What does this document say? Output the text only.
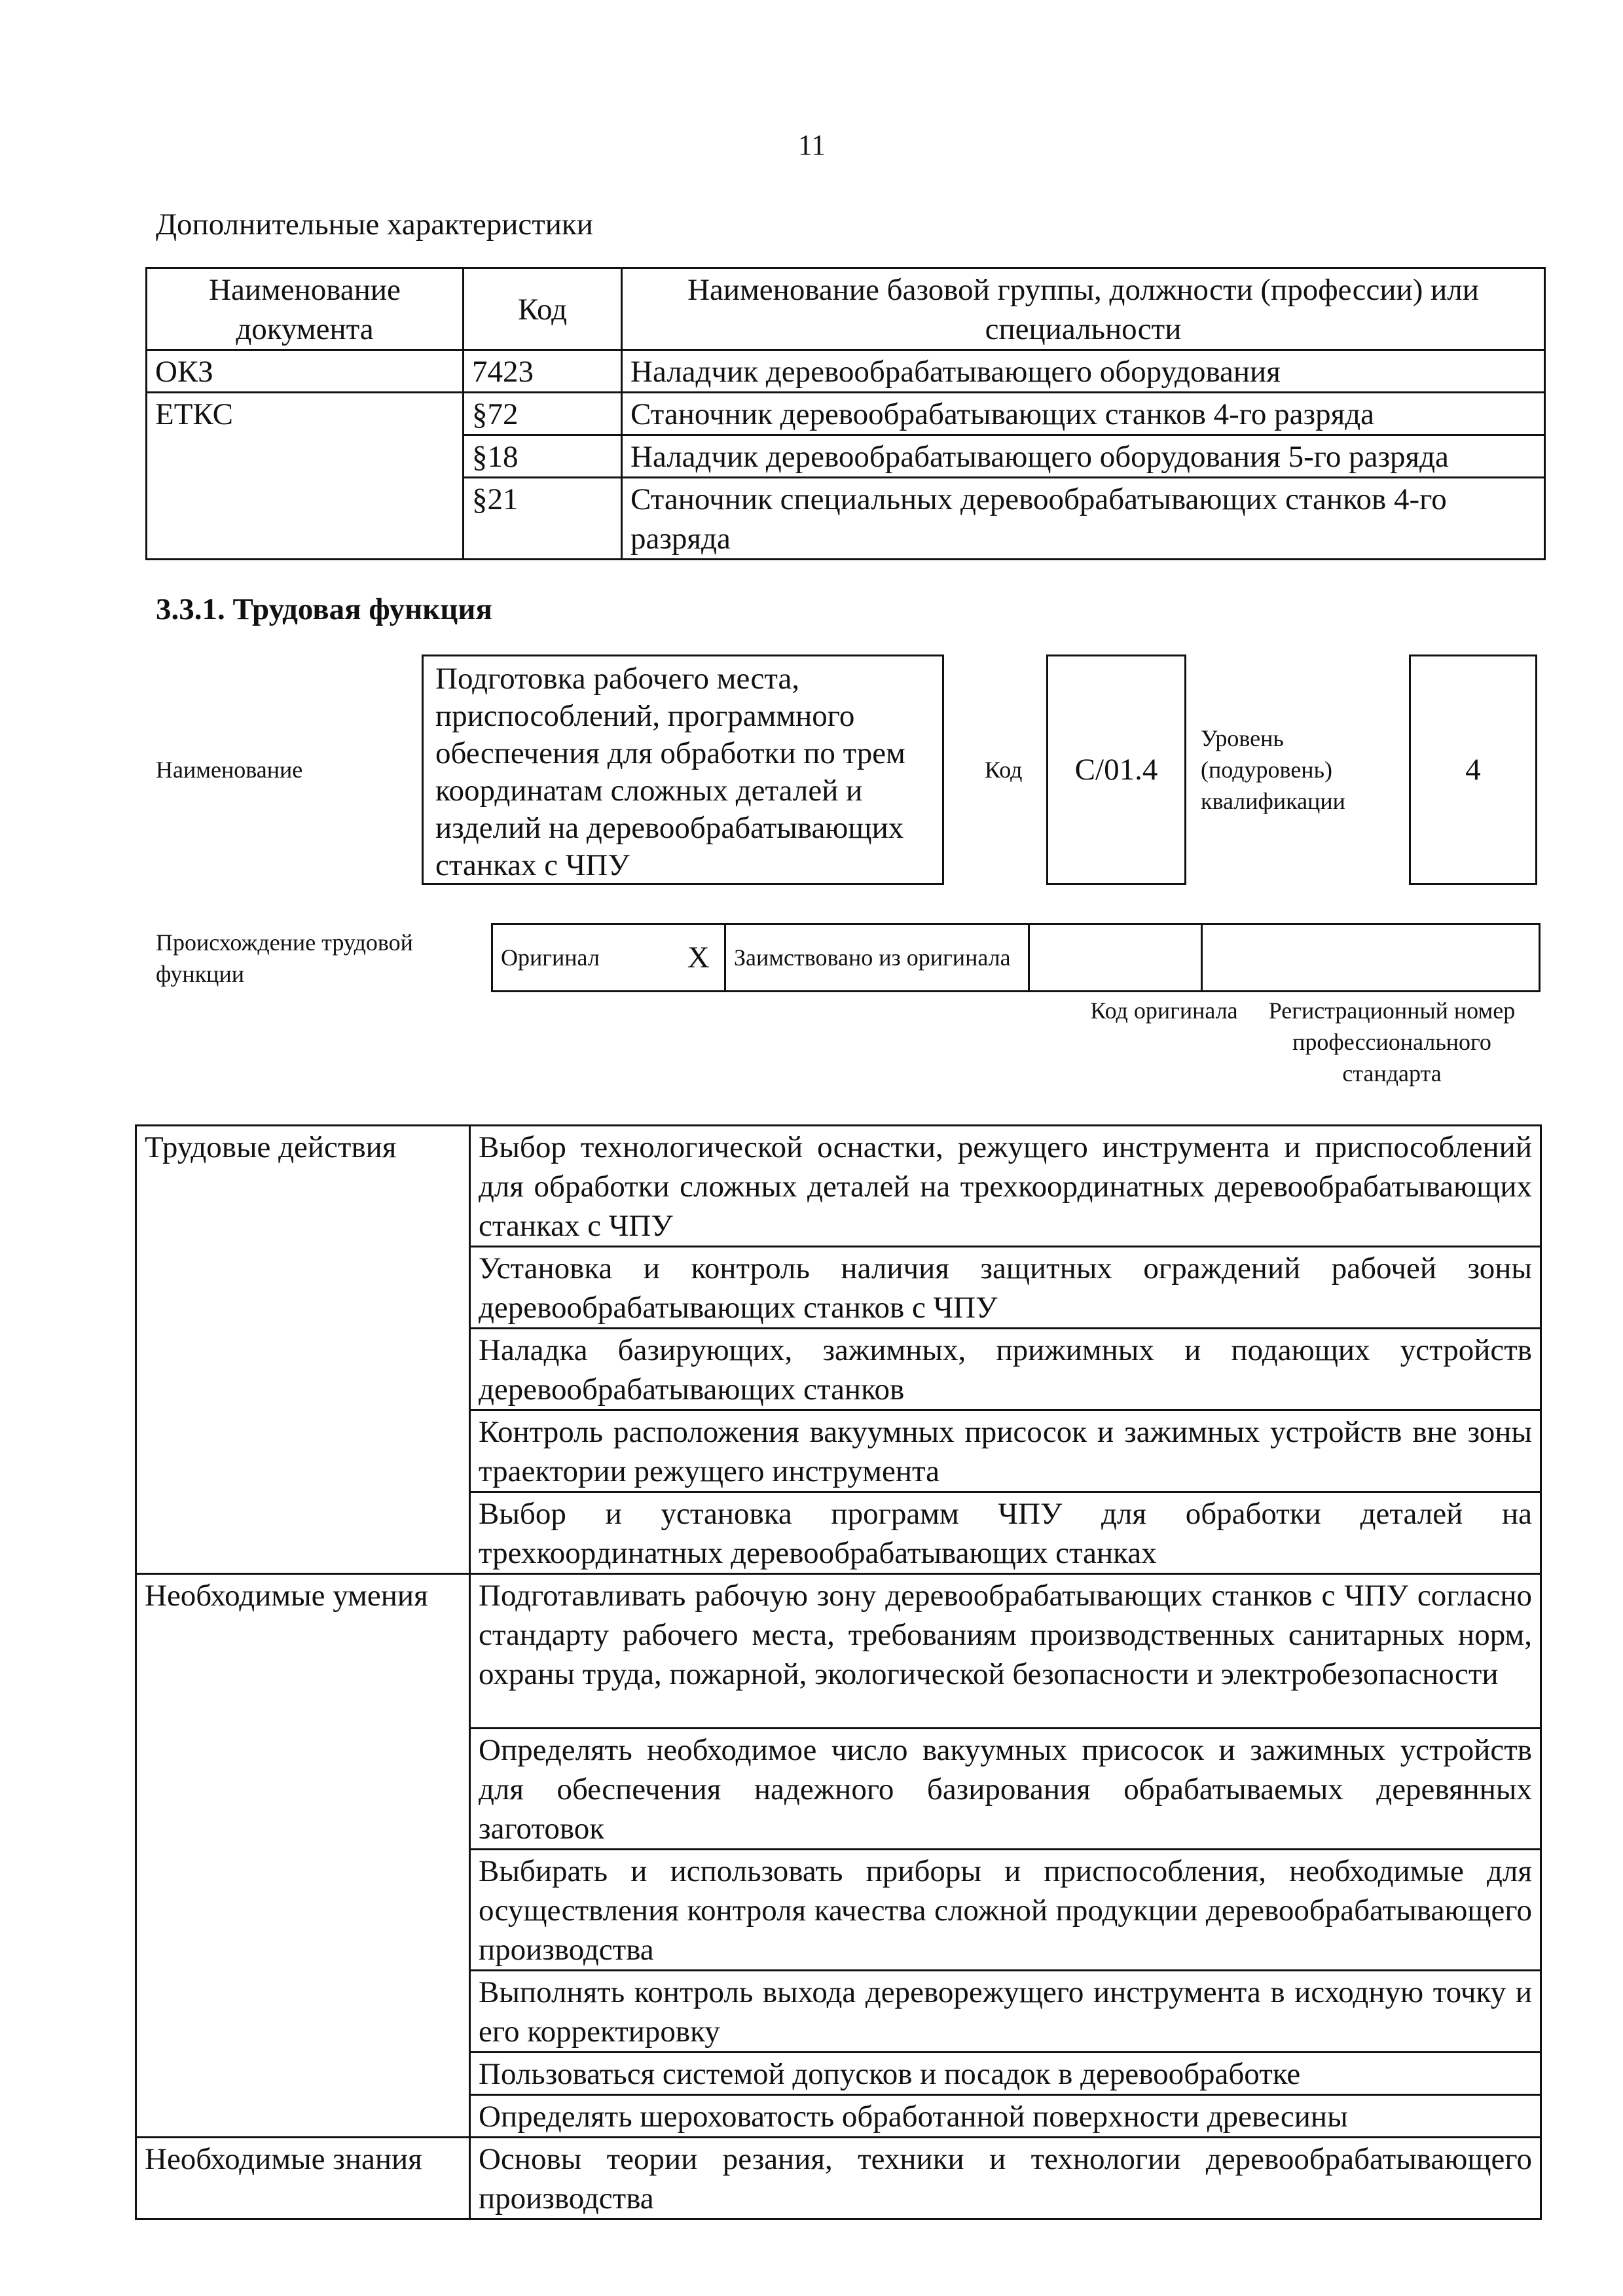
11
Дополнительные характеристики
Наименование документа	Код	Наименование базовой группы, должности (профессии) или специальности
ОКЗ	7423	Наладчик деревообрабатывающего оборудования
ЕТКС	§72	Станочник деревообрабатывающих станков 4-го разряда
	§18	Наладчик деревообрабатывающего оборудования 5-го разряда
	§21	Станочник специальных деревообрабатывающих станков 4-го разряда
3.3.1. Трудовая функция
Наименование
Подготовка рабочего места, приспособлений, программного обеспечения для обработки по трем координатам сложных деталей и изделий на деревообрабатывающих станках с ЧПУ
Код С/01.4
Уровень (подуровень) квалификации
4
Происхождение трудовой функции
Оригинал	X	Заимствовано из оригинала		
Код оригинала	Регистрационный номер профессионального стандарта
Трудовые действия	Выбор технологической оснастки, режущего инструмента и приспособлений для обработки сложных деталей на трехкоординатных деревообрабатывающих станках с ЧПУ
	Установка и контроль наличия защитных ограждений рабочей зоны деревообрабатывающих станков с ЧПУ
	Наладка базирующих, зажимных, прижимных и подающих устройств деревообрабатывающих станков
	Контроль расположения вакуумных присосок и зажимных устройств вне зоны траектории режущего инструмента
	Выбор и установка программ ЧПУ для обработки деталей на трехкоординатных деревообрабатывающих станках
Необходимые умения	Подготавливать рабочую зону деревообрабатывающих станков с ЧПУ согласно стандарту рабочего места, требованиям производственных санитарных норм, охраны труда, пожарной, экологической безопасности и электробезопасности
	Определять необходимое число вакуумных присосок и зажимных устройств для обеспечения надежного базирования обрабатываемых деревянных заготовок
	Выбирать и использовать приборы и приспособления, необходимые для осуществления контроля качества сложной продукции деревообрабатывающего производства
	Выполнять контроль выхода дереворежущего инструмента в исходную точку и его корректировку
	Пользоваться системой допусков и посадок в деревообработке
	Определять шероховатость обработанной поверхности древесины
Необходимые знания	Основы теории резания, техники и технологии деревообрабатывающего производства
